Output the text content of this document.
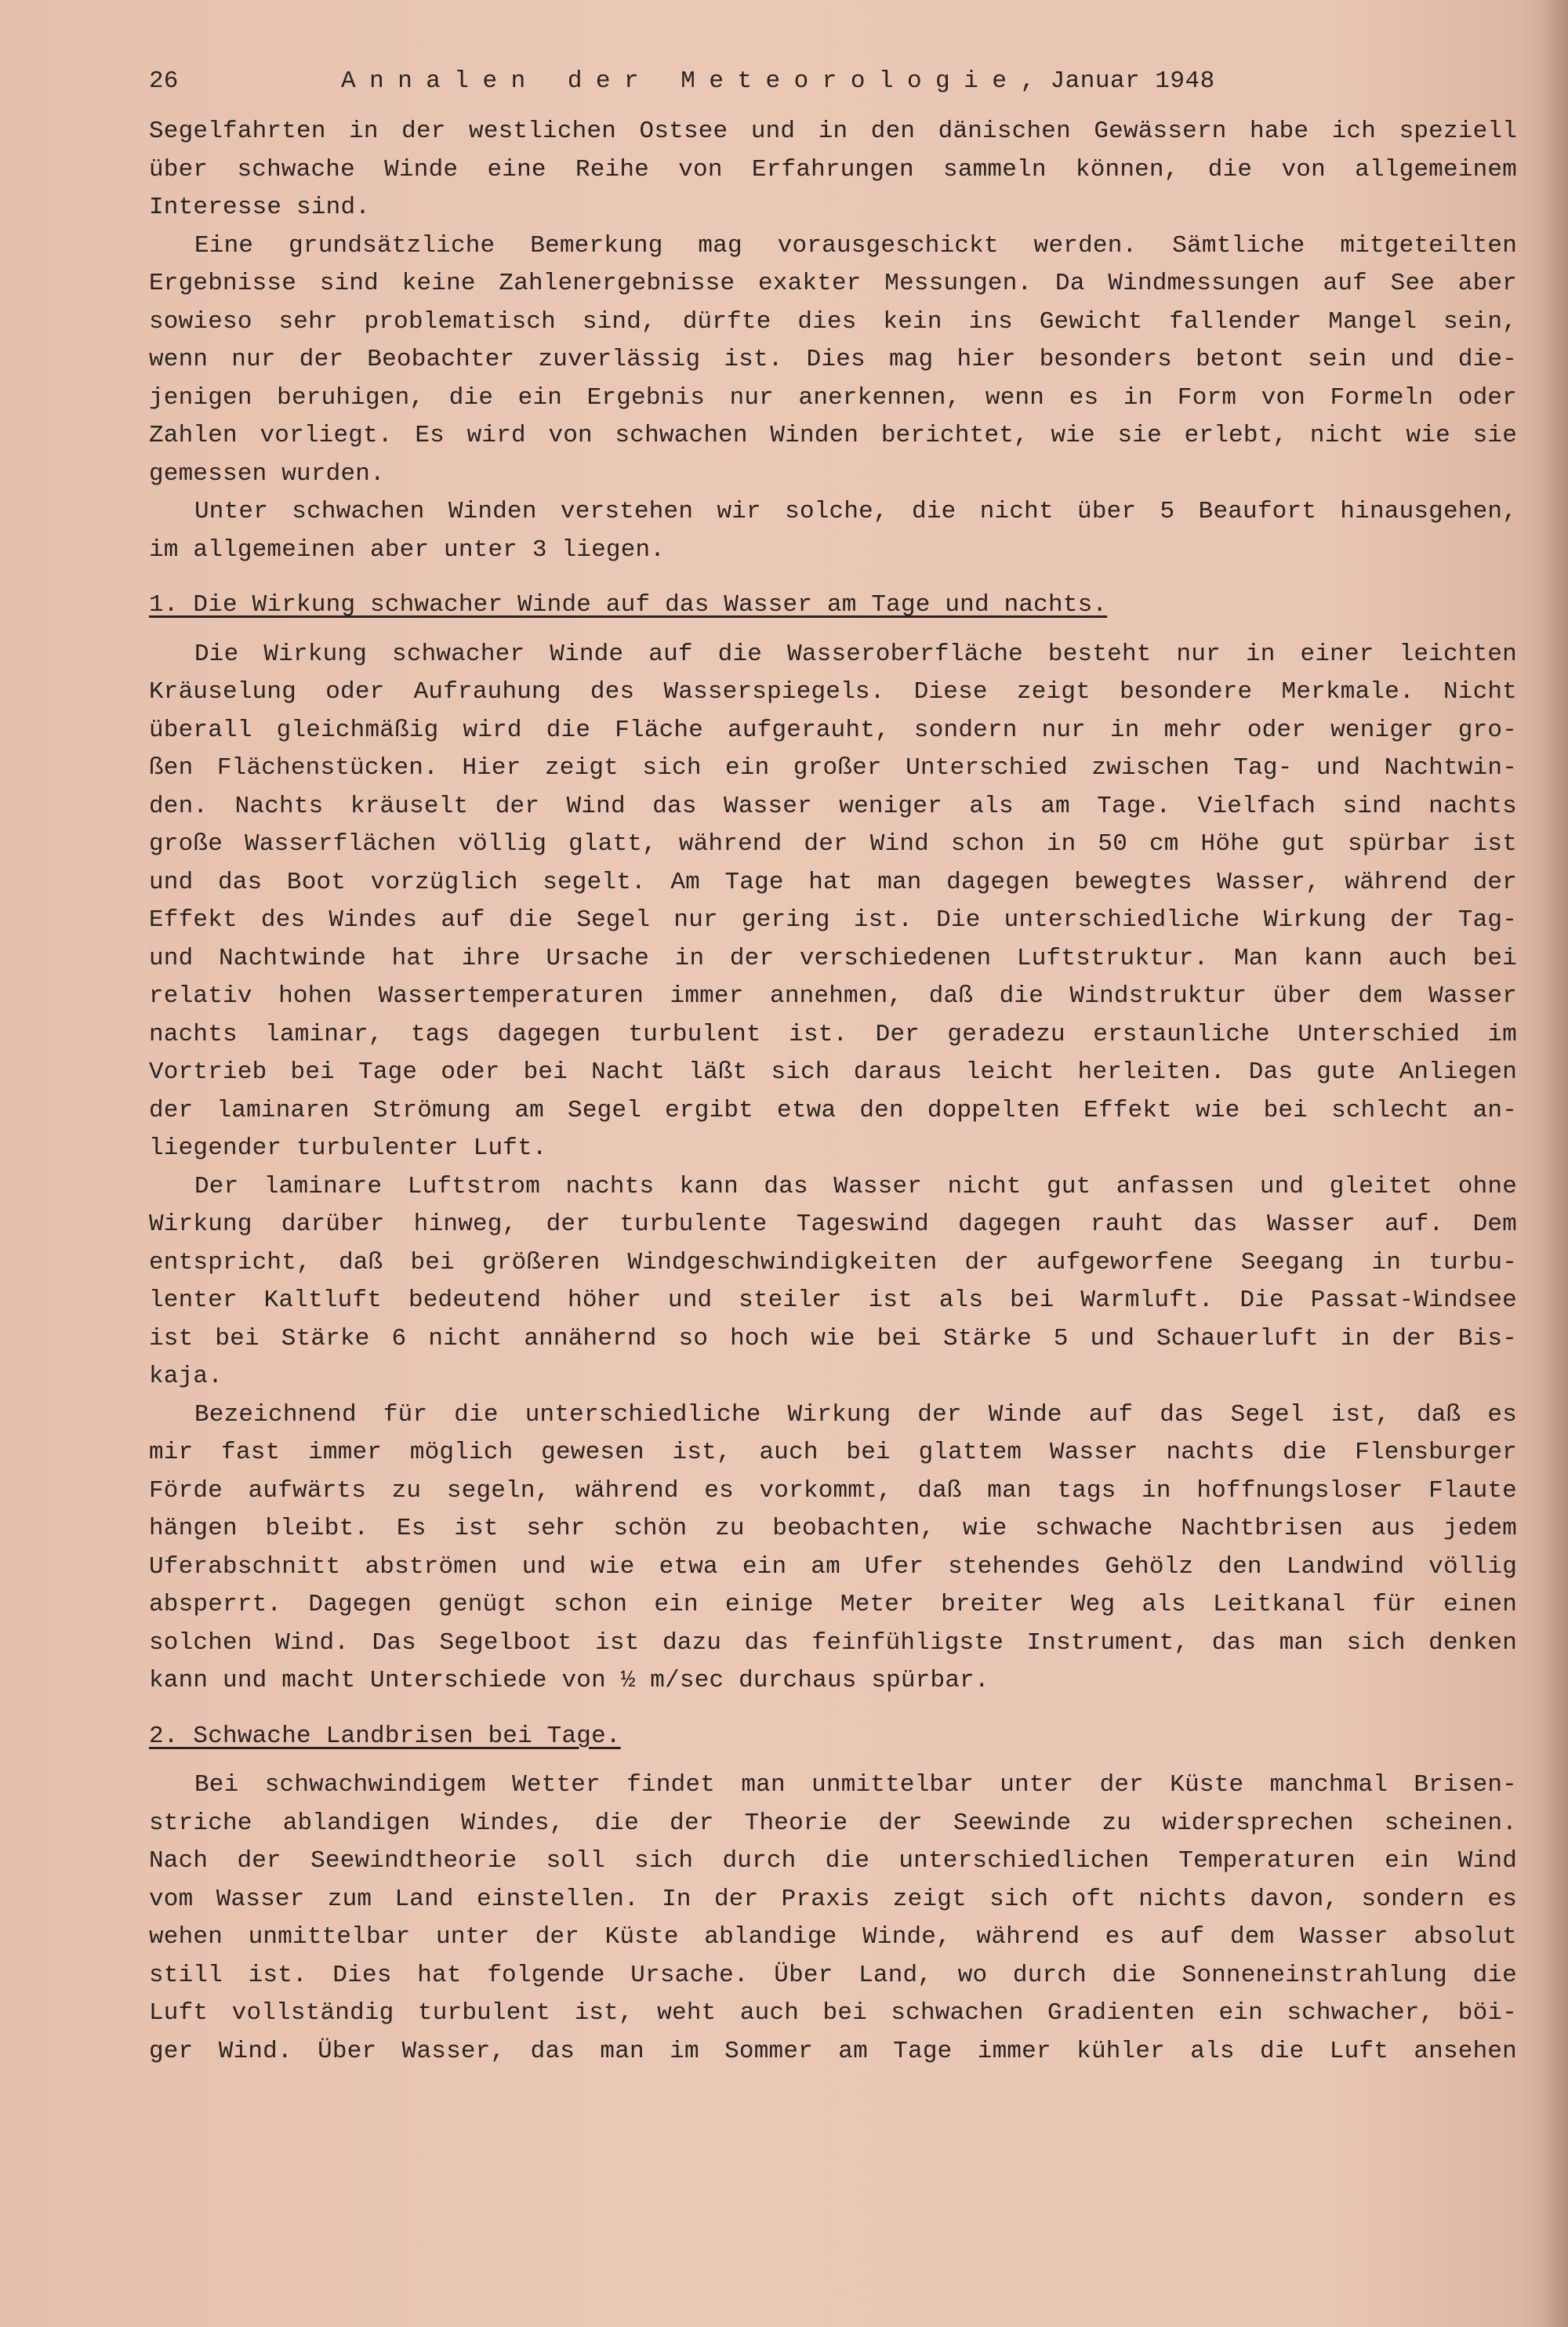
26	Annalen der Meteorologie, Januar 1948
Segelfahrten in der westlichen Ostsee und in den dänischen Gewässern habe ich speziell
über schwache Winde eine Reihe von Erfahrungen sammeln können, die von allgemeinem
Interesse sind.
Eine grundsätzliche Bemerkung mag vorausgeschickt werden. Sämtliche mitgeteilten
Ergebnisse sind keine Zahlenergebnisse exakter Messungen. Da Windmessungen auf See aber
sowieso sehr problematisch sind, dürfte dies kein ins Gewicht fallender Mangel sein,
wenn nur der Beobachter zuverlässig ist. Dies mag hier besonders betont sein und die-
jenigen beruhigen, die ein Ergebnis nur anerkennen, wenn es in Form von Formeln oder
Zahlen vorliegt. Es wird von schwachen Winden berichtet, wie sie erlebt, nicht wie sie
gemessen wurden.
Unter schwachen Winden verstehen wir solche, die nicht über 5 Beaufort hinausgehen,
im allgemeinen aber unter 3 liegen.
1. Die Wirkung schwacher Winde auf das Wasser am Tage und nachts.
Die Wirkung schwacher Winde auf die Wasseroberfläche besteht nur in einer leichten
Kräuselung oder Aufrauhung des Wasserspiegels. Diese zeigt besondere Merkmale. Nicht
überall gleichmäßig wird die Fläche aufgerauht, sondern nur in mehr oder weniger gro-
ßen Flächenstücken. Hier zeigt sich ein großer Unterschied zwischen Tag- und Nachtwin-
den. Nachts kräuselt der Wind das Wasser weniger als am Tage. Vielfach sind nachts
große Wasserflächen völlig glatt, während der Wind schon in 50 cm Höhe gut spürbar ist
und das Boot vorzüglich segelt. Am Tage hat man dagegen bewegtes Wasser, während der
Effekt des Windes auf die Segel nur gering ist. Die unterschiedliche Wirkung der Tag-
und Nachtwinde hat ihre Ursache in der verschiedenen Luftstruktur. Man kann auch bei
relativ hohen Wassertemperaturen immer annehmen, daß die Windstruktur über dem Wasser
nachts laminar, tags dagegen turbulent ist. Der geradezu erstaunliche Unterschied im
Vortrieb bei Tage oder bei Nacht läßt sich daraus leicht herleiten. Das gute Anliegen
der laminaren Strömung am Segel ergibt etwa den doppelten Effekt wie bei schlecht an-
liegender turbulenter Luft.
Der laminare Luftstrom nachts kann das Wasser nicht gut anfassen und gleitet ohne
Wirkung darüber hinweg, der turbulente Tageswind dagegen rauht das Wasser auf. Dem
entspricht, daß bei größeren Windgeschwindigkeiten der aufgeworfene Seegang in turbu-
lenter Kaltluft bedeutend höher und steiler ist als bei Warmluft. Die Passat-Windsee
ist bei Stärke 6 nicht annähernd so hoch wie bei Stärke 5 und Schauerluft in der Bis-
kaja.
Bezeichnend für die unterschiedliche Wirkung der Winde auf das Segel ist, daß es
mir fast immer möglich gewesen ist, auch bei glattem Wasser nachts die Flensburger
Förde aufwärts zu segeln, während es vorkommt, daß man tags in hoffnungsloser Flaute
hängen bleibt. Es ist sehr schön zu beobachten, wie schwache Nachtbrisen aus jedem
Uferabschnitt abströmen und wie etwa ein am Ufer stehendes Gehölz den Landwind völlig
absperrt. Dagegen genügt schon ein einige Meter breiter Weg als Leitkanal für einen
solchen Wind. Das Segelboot ist dazu das feinfühligste Instrument, das man sich denken
kann und macht Unterschiede von ½ m/sec durchaus spürbar.
2. Schwache Landbrisen bei Tage.
Bei schwachwindigem Wetter findet man unmittelbar unter der Küste manchmal Brisen-
striche ablandigen Windes, die der Theorie der Seewinde zu widersprechen scheinen.
Nach der Seewindtheorie soll sich durch die unterschiedlichen Temperaturen ein Wind
vom Wasser zum Land einstellen. In der Praxis zeigt sich oft nichts davon, sondern es
wehen unmittelbar unter der Küste ablandige Winde, während es auf dem Wasser absolut
still ist. Dies hat folgende Ursache. Über Land, wo durch die Sonneneinstrahlung die
Luft vollständig turbulent ist, weht auch bei schwachen Gradienten ein schwacher, böi-
ger Wind. Über Wasser, das man im Sommer am Tage immer kühler als die Luft ansehen
